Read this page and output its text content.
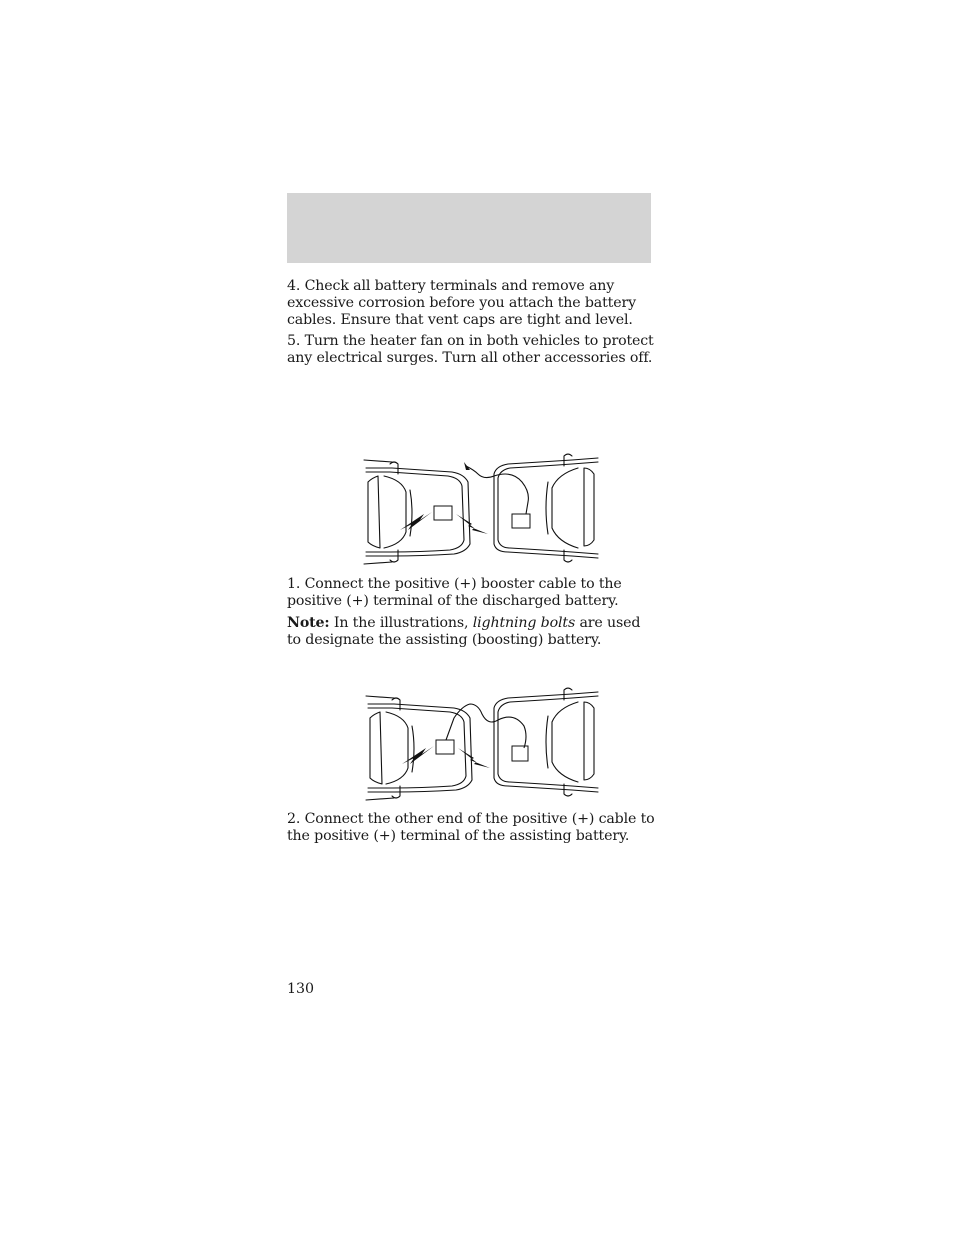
4. Check all battery terminals and remove any excessive corrosion before you attach the battery cables. Ensure that vent caps are tight and level.

5. Turn the heater fan on in both vehicles to protect any electrical surges. Turn all other accessories off.

1. Connect the positive (+) booster cable to the positive (+) terminal of the discharged battery.

Note: In the illustrations, lightning bolts are used to designate the assisting (boosting) battery.

2. Connect the other end of the positive (+) cable to the positive (+) terminal of the assisting battery.

130
